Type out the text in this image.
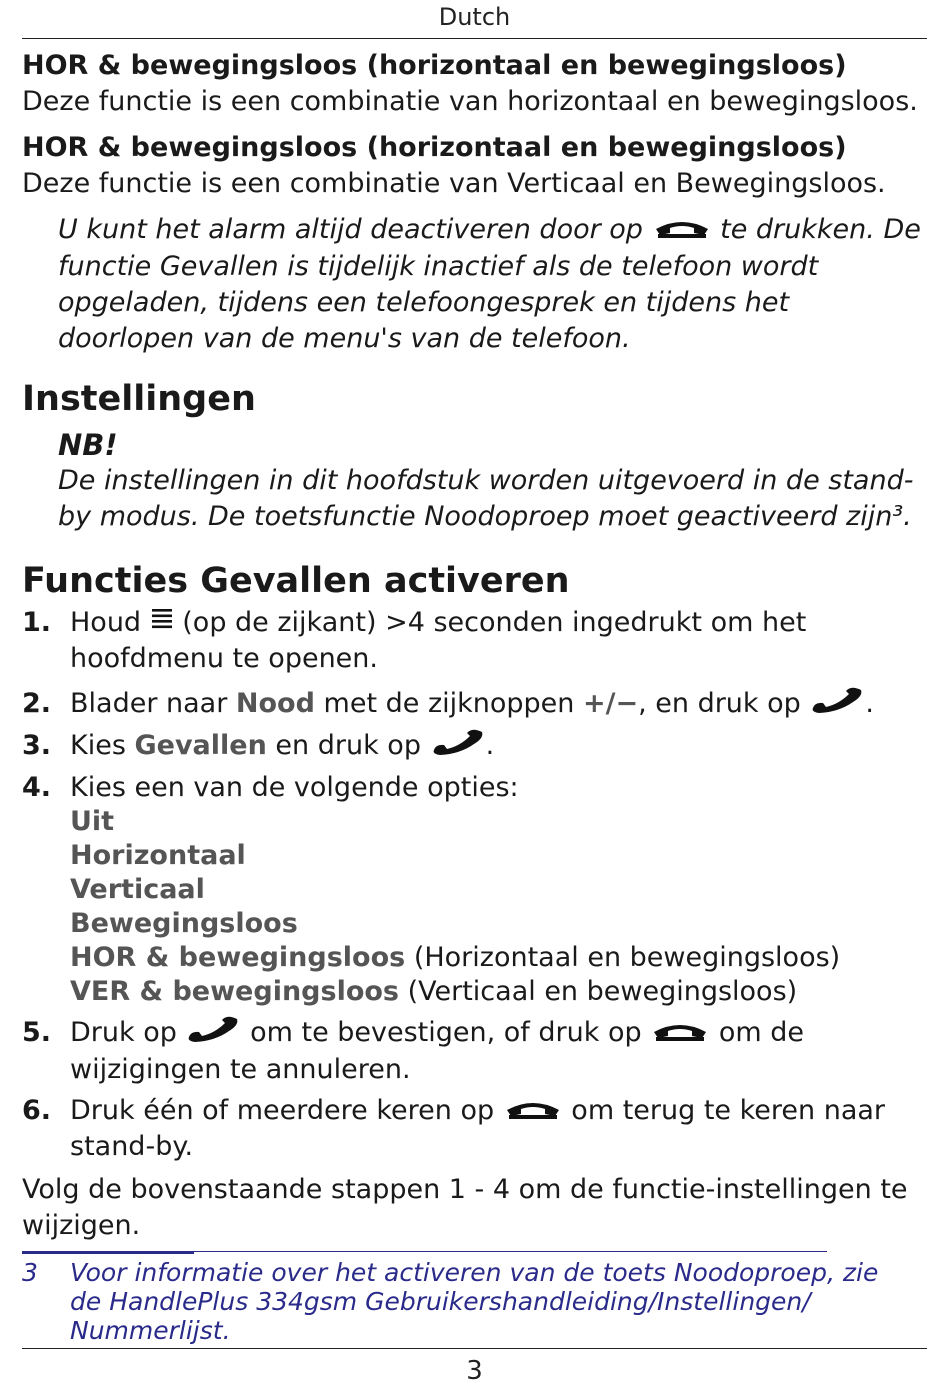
Dutch

HOR & bewegingsloos (horizontaal en bewegingsloos)

Deze functie is een combinatie van horizontaal en bewegingsloos.

HOR & bewegingsloos (horizontaal en bewegingsloos)

Deze functie is een combinatie van Verticaal en Bewegingsloos.

U kunt het alarm altijd deactiveren door op	te drukken. De functie Gevallen is tijdelijk inactief als de telefoon wordt opgeladen, tijdens een telefoongesprek en tijdens het doorlopen van de menu's van de telefoon.

Instellingen

NB!

De instellingen in dit hoofdstuk worden uitgevoerd in de stand-by modus. De toetsfunctie Noodoproep moet geactiveerd zijn³.

Functies Gevallen activeren

1. Houd (op de zijkant) >4 seconden ingedrukt om het hoofdmenu te openen.
2. Blader naar Nood met de zijknoppen +/−, en druk op .
3. Kies Gevallen en druk op .
4. Kies een van de volgende opties:
Uit
Horizontaal
Verticaal
Bewegingsloos
HOR & bewegingsloos (Horizontaal en bewegingsloos)
VER & bewegingsloos (Verticaal en bewegingsloos)
5. Druk op	om te bevestigen, of druk op	om de wijzigingen te annuleren.
6. Druk één of meerdere keren op	om terug te keren naar stand-by.

Volg de bovenstaande stappen 1 - 4 om de functie-instellingen te wijzigen.

3	Voor informatie over het activeren van de toets Noodoproep, zie de HandlePlus 334gsm Gebruikershandleiding/Instellingen/ Nummerlijst.
3
